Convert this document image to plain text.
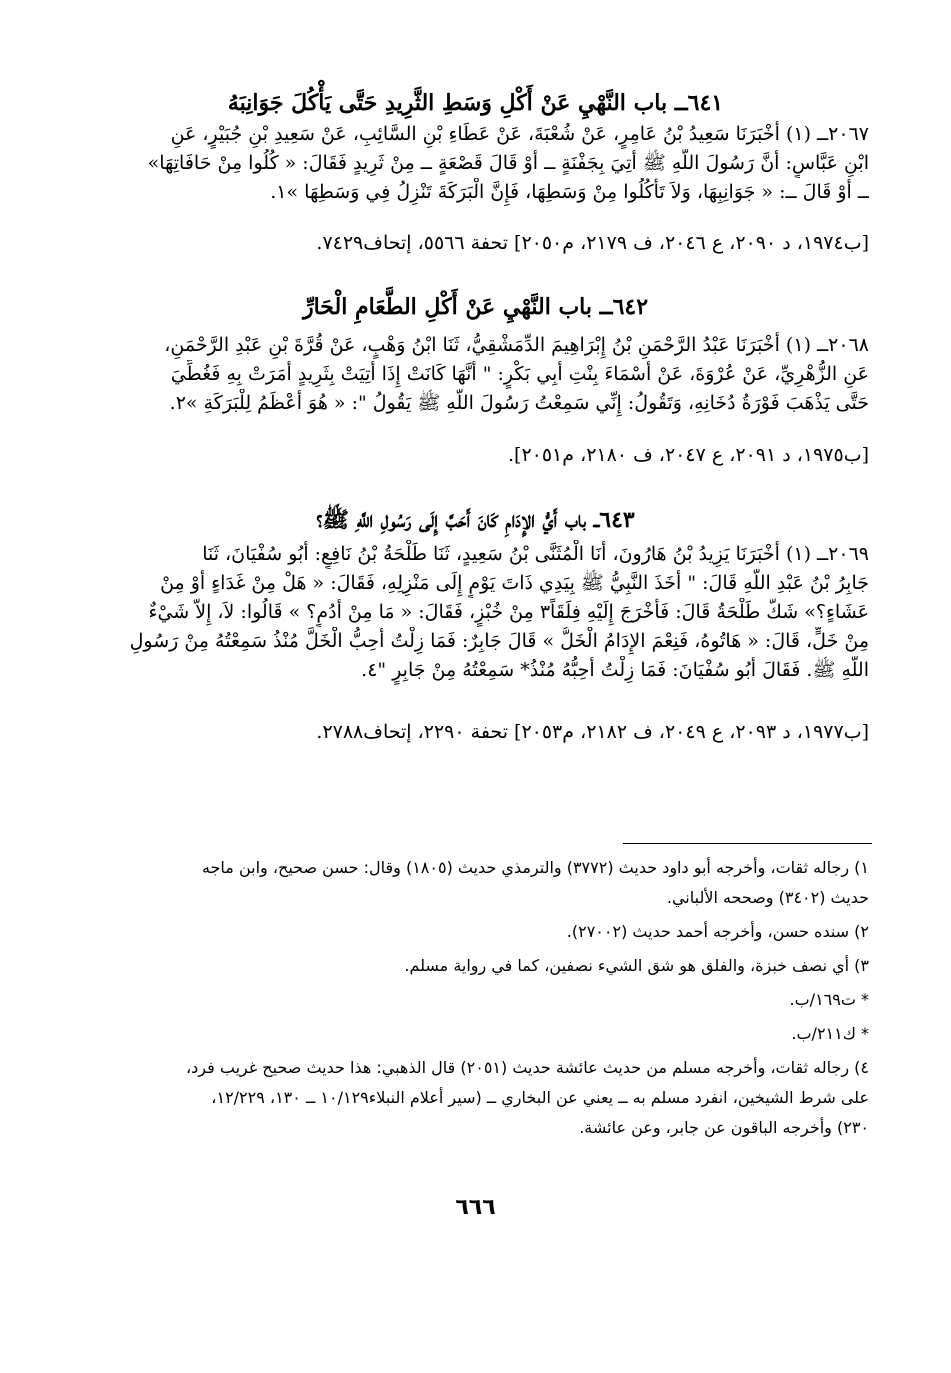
٦٤١ــ باب النَّهْيِ عَنْ أَكْلِ وَسَطِ الثَّرِيدِ حَتَّى يَأْكُلَ جَوَانِبَهُ
٢٠٦٧ــ (١) أَخْبَرَنَا سَعِيدُ بْنُ عَامِرٍ، عَنْ شُعْبَةَ، عَنْ عَطَاءِ بْنِ السَّائِبِ، عَنْ سَعِيدِ بْنِ جُبَيْرٍ، عَنِ
ابْنِ عَبَّاسٍ: أَنَّ رَسُولَ اللَّهِ ﷺ أُتِيَ بِجَفْنَةٍ ــ أَوْ قَالَ قَصْعَةٍ ــ مِنْ ثَرِيدٍ فَقَالَ: « كُلُوا مِنْ حَافَاتِهَا»
ــ أَوْ قَالَ ــ: « جَوَانِبِهَا، وَلاَ تَأْكُلُوا مِنْ وَسَطِهَا، فَإِنَّ الْبَرَكَةَ تَنْزِلُ فِي وَسَطِهَا »١.
[ب١٩٧٤، د ٢٠٩٠، ع ٢٠٤٦، ف ٢١٧٩، م٢٠٥٠] تحفة ٥٥٦٦، إتحاف٧٤٢٩.
٦٤٢ــ باب النَّهْيِ عَنْ أَكْلِ الطَّعَامِ الْحَارِّ
٢٠٦٨ــ (١) أَخْبَرَنَا عَبْدُ الرَّحْمَنِ بْنُ إِبْرَاهِيمَ الدِّمَشْقِيُّ، ثَنَا ابْنُ وَهْبٍ، عَنْ قُرَّةَ بْنِ عَبْدِ الرَّحْمَنِ،
عَنِ الزُّهْرِيِّ، عَنْ عُرْوَةَ، عَنْ أَسْمَاءَ بِنْتِ أَبِي بَكْرٍ: " أَنَّهَا كَانَتْ إِذَا أُتِيَتْ بِثَرِيدٍ أَمَرَتْ بِهِ فَغُطِّيَ
حَتَّى يَذْهَبَ فَوْرَةُ دُخَانِهِ، وَتَقُولُ: إِنِّي سَمِعْتُ رَسُولَ اللَّهِ ﷺ يَقُولُ ": « هُوَ أَعْظَمُ لِلْبَرَكَةِ »٢.
[ب١٩٧٥، د ٢٠٩١، ع ٢٠٤٧، ف ٢١٨٠، م٢٠٥١].
٦٤٣ــ باب أَيُّ الإِدَامِ كَانَ أَحَبَّ إِلَى رَسُولِ اللَّهِ ﷺ؟
٢٠٦٩ــ (١) أَخْبَرَنَا يَزِيدُ بْنُ هَارُونَ، أَنَا الْمُثَنَّى بْنُ سَعِيدٍ، ثَنَا طَلْحَةُ بْنُ نَافِعٍ: أَبُو سُفْيَانَ، ثَنَا
جَابِرُ بْنُ عَبْدِ اللَّهِ قَالَ: " أَخَذَ النَّبِيُّ ﷺ بِيَدِي ذَاتَ يَوْمٍ إِلَى مَنْزِلِهِ، فَقَالَ: « هَلْ مِنْ غَدَاءٍ أَوْ مِنْ
عَشَاءٍ؟» شَكَّ طَلْحَةُ قَالَ: فَأَخْرَجَ إِلَيْهِ فِلَقَاً٣ مِنْ خُبْزٍ، فَقَالَ: « مَا مِنْ أُدُمٍ؟ » قَالُوا: لاَ، إِلاَّ شَيْءٌ
مِنْ خَلٍّ، قَالَ: « هَاتُوهُ، فَنِعْمَ الإِدَامُ الْخَلُّ » قَالَ جَابِرٌ: فَمَا زِلْتُ أُحِبُّ الْخَلَّ مُنْذُ سَمِعْتُهُ مِنْ رَسُولِ
اللَّهِ ﷺ. فَقَالَ أَبُو سُفْيَانَ: فَمَا زِلْتُ أُحِبُّهُ مُنْذُ* سَمِعْتُهُ مِنْ جَابِرٍ "٤.
[ب١٩٧٧، د ٢٠٩٣، ع ٢٠٤٩، ف ٢١٨٢، م٢٠٥٣] تحفة ٢٢٩٠، إتحاف٢٧٨٨.
١) رجاله ثقات، وأخرجه أبو داود حديث (٣٧٧٢) والترمذي حديث (١٨٠٥) وقال: حسن صحيح، وابن ماجه
حديث (٣٤٠٢) وصححه الألباني.
٢) سنده حسن، وأخرجه أحمد حديث (٢٧٠٠٢).
٣) أي نصف خبزة، والفلق هو شق الشيء نصفين، كما في رواية مسلم.
* ت١٦٩/ب.
* ك٢١١/ب.
٤) رجاله ثقات، وأخرجه مسلم من حديث عائشة حديث (٢٠٥١) قال الذهبي: هذا حديث صحيح غريب فرد،
على شرط الشيخين، انفرد مسلم به ــ يعني عن البخاري ــ (سير أعلام النبلاء١٠/١٢٩ ــ ١٣٠، ١٢/٢٢٩،
٢٣٠) وأخرجه الباقون عن جابر، وعن عائشة.
٦٦٦
